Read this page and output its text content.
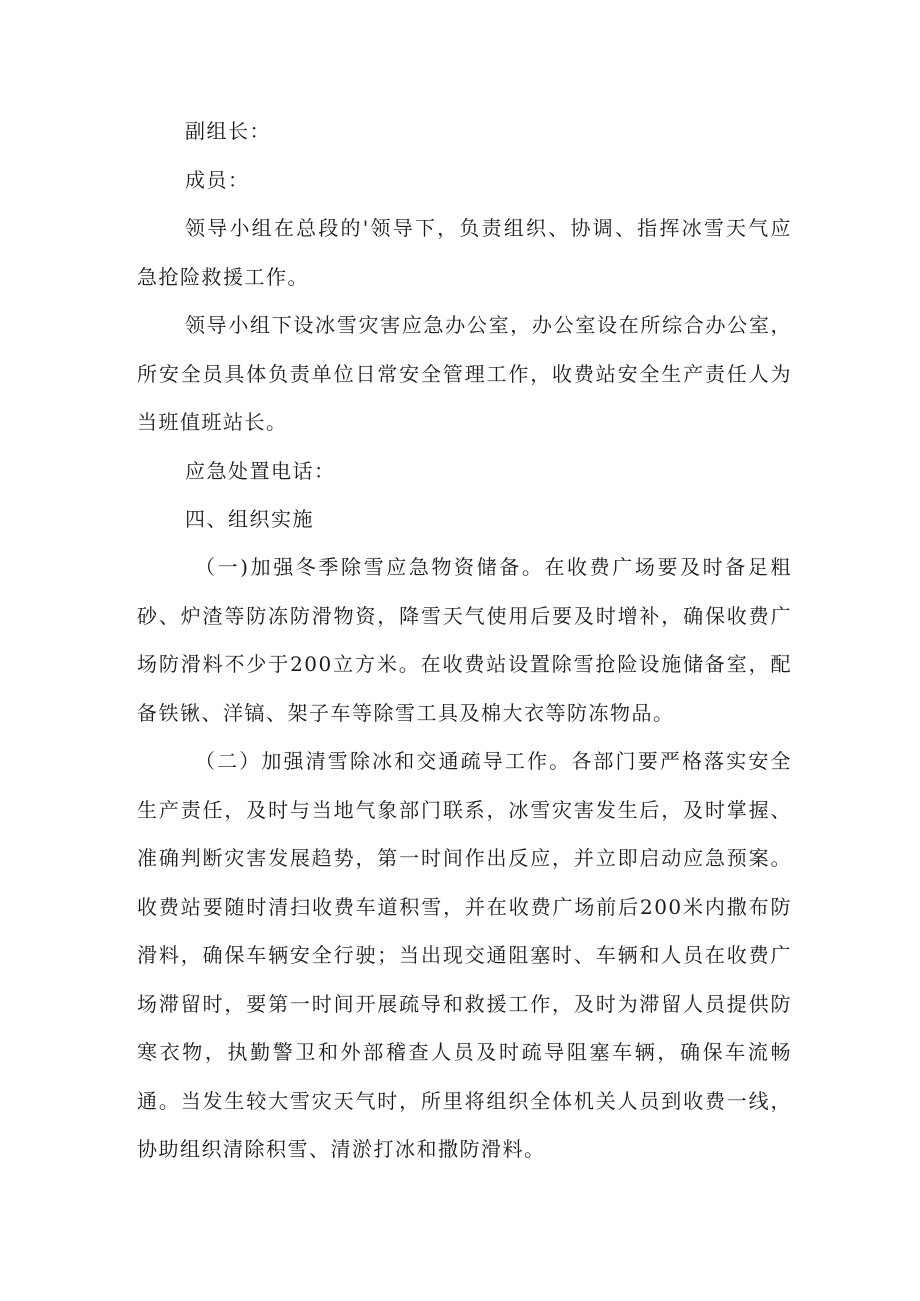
副组长：

成员：

领导小组在总段的'领导下，负责组织、协调、指挥冰雪天气应急抢险救援工作。

领导小组下设冰雪灾害应急办公室，办公室设在所综合办公室，所安全员具体负责单位日常安全管理工作，收费站安全生产责任人为当班值班站长。

应急处置电话：

四、组织实施

（一)加强冬季除雪应急物资储备。在收费广场要及时备足粗砂、炉渣等防冻防滑物资，降雪天气使用后要及时增补，确保收费广场防滑料不少于200立方米。在收费站设置除雪抢险设施储备室，配备铁锹、洋镐、架子车等除雪工具及棉大衣等防冻物品。

（二）加强清雪除冰和交通疏导工作。各部门要严格落实安全生产责任，及时与当地气象部门联系，冰雪灾害发生后，及时掌握、准确判断灾害发展趋势，第一时间作出反应，并立即启动应急预案。收费站要随时清扫收费车道积雪，并在收费广场前后200米内撒布防滑料，确保车辆安全行驶；当出现交通阻塞时、车辆和人员在收费广场滞留时，要第一时间开展疏导和救援工作，及时为滞留人员提供防寒衣物，执勤警卫和外部稽查人员及时疏导阻塞车辆，确保车流畅通。当发生较大雪灾天气时，所里将组织全体机关人员到收费一线，协助组织清除积雪、清淤打冰和撒防滑料。
